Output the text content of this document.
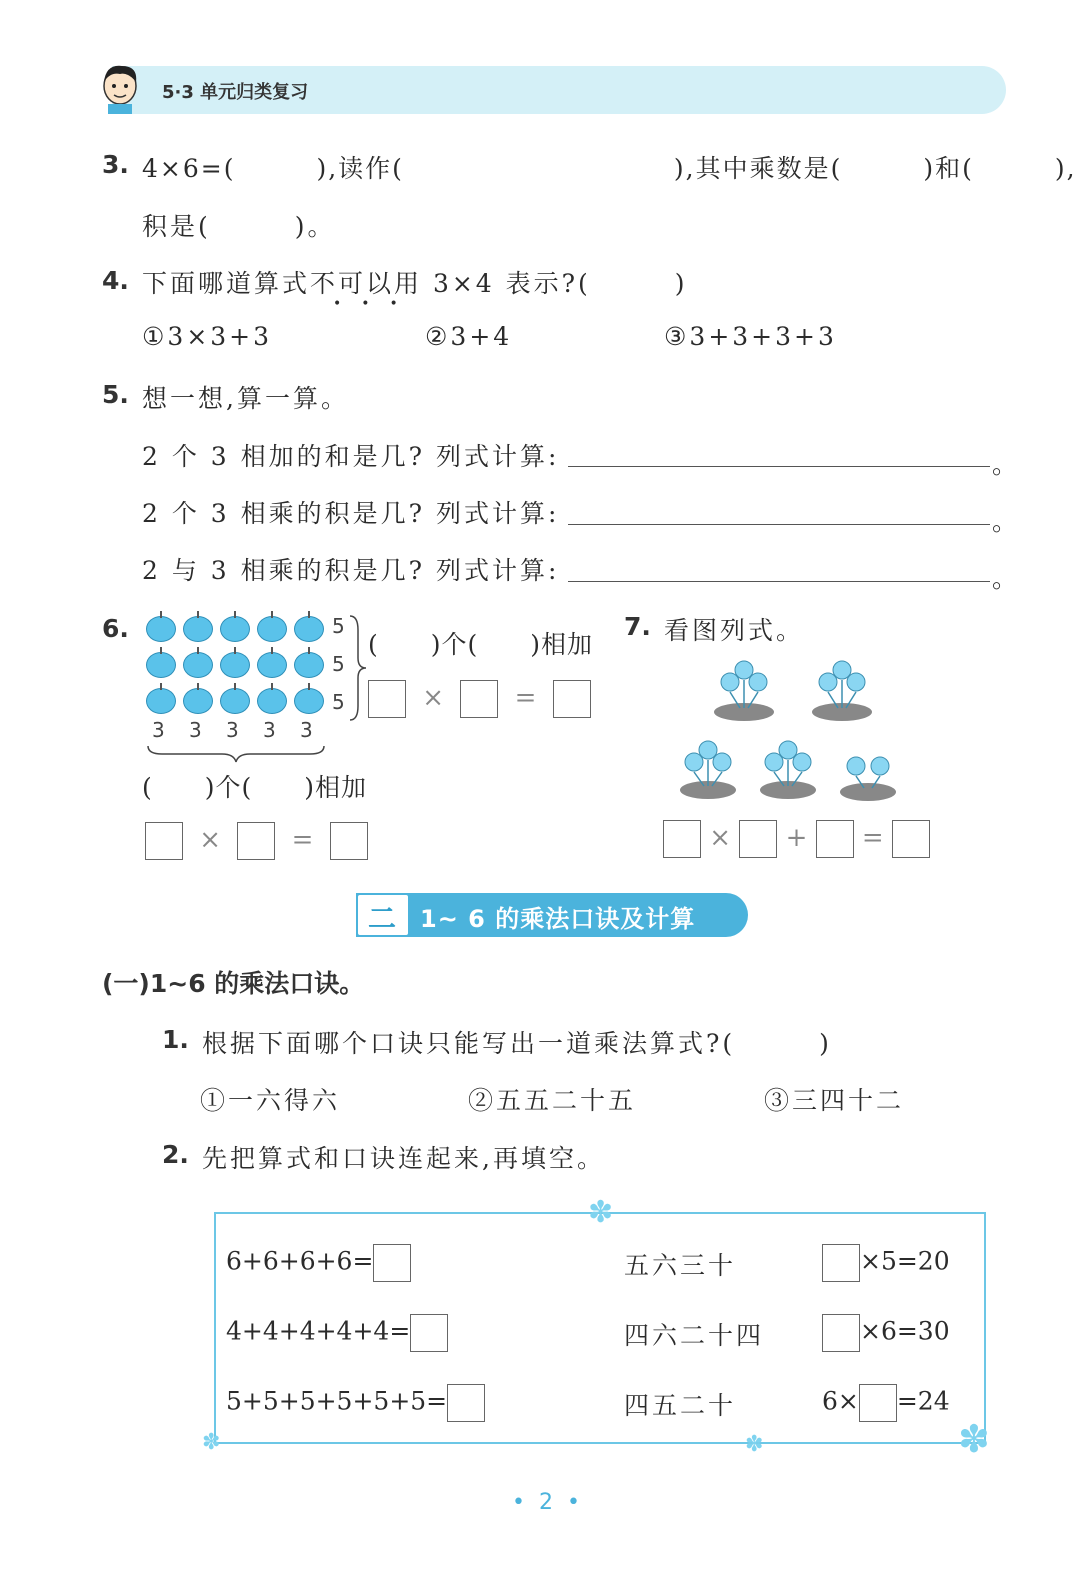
5·3 单元归类复习
3. 4×6=(　　　),读作(　　　　　　　　　　),其中乘数是(　　　)和(　　　),
积是(　　　)。
4. 下面哪道算式不可以用 3×4 表示?(　　　)
•••
①3×3+3	②3+4	③3+3+3+3
5. 想一想,算一算。
2 个 3 相加的和是几? 列式计算:	。
2 个 3 相乘的积是几? 列式计算:	。
2 与 3 相乘的积是几? 列式计算:	。
6.	5
5
5
3 3 3 3 3
(　　)个(　　)相加
×	=
(　　)个(　　)相加
×	=
7. 看图列式。
× + =
二 1~ 6 的乘法口诀及计算
(一)1~6 的乘法口诀。
1. 根据下面哪个口诀只能写出一道乘法算式?(　　　)
①一六得六	②五五二十五	③三四十二
2. 先把算式和口诀连起来,再填空。
✽
✽	✽	✽
6+6+6+6=	五六三十	×5=20
4+4+4+4+4=	四六二十四	×6=30
5+5+5+5+5+5=	四五二十	6× =24
• 2 •
